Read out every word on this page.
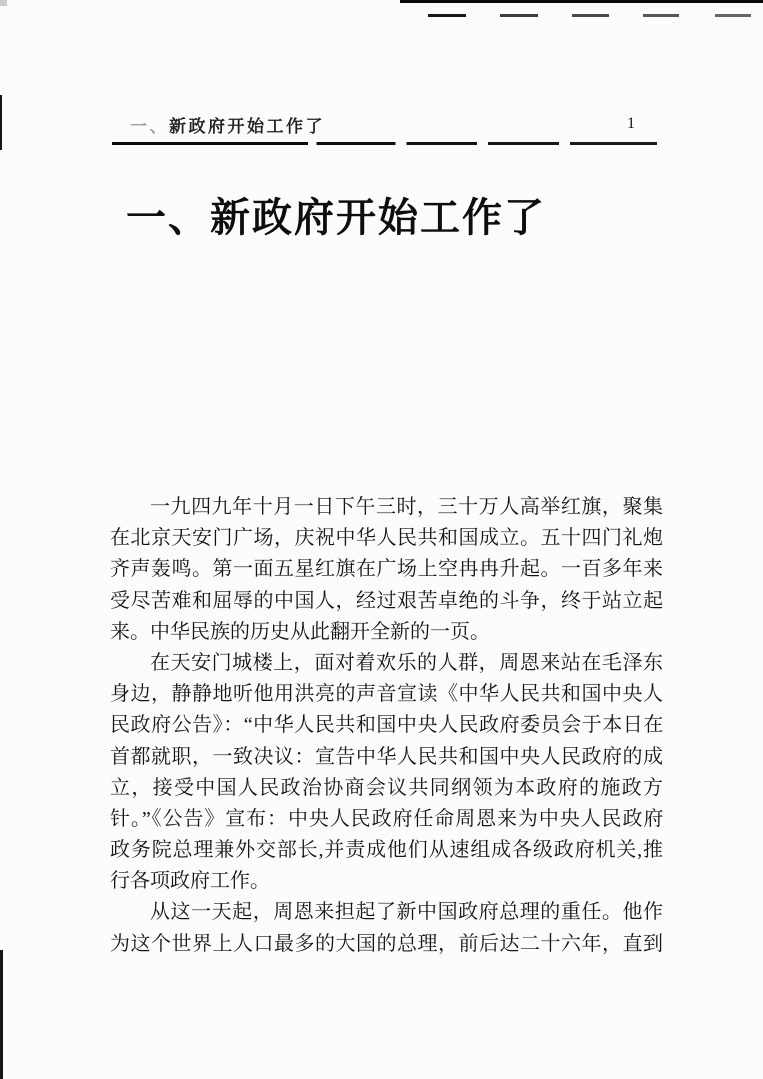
一、新政府开始工作了	1
一、新政府开始工作了
一九四九年十月一日下午三时，三十万人高举红旗，聚集
在北京天安门广场，庆祝中华人民共和国成立。五十四门礼炮
齐声轰鸣。第一面五星红旗在广场上空冉冉升起。一百多年来
受尽苦难和屈辱的中国人，经过艰苦卓绝的斗争，终于站立起
来。中华民族的历史从此翻开全新的一页。
在天安门城楼上，面对着欢乐的人群，周恩来站在毛泽东
身边，静静地听他用洪亮的声音宣读《中华人民共和国中央人
民政府公告》：“中华人民共和国中央人民政府委员会于本日在
首都就职，一致决议：宣告中华人民共和国中央人民政府的成
立，接受中国人民政治协商会议共同纲领为本政府的施政方
针。”《公告》宣布：中央人民政府任命周恩来为中央人民政府
政务院总理兼外交部长,并责成他们从速组成各级政府机关,推
行各项政府工作。
从这一天起，周恩来担起了新中国政府总理的重任。他作
为这个世界上人口最多的大国的总理，前后达二十六年，直到
